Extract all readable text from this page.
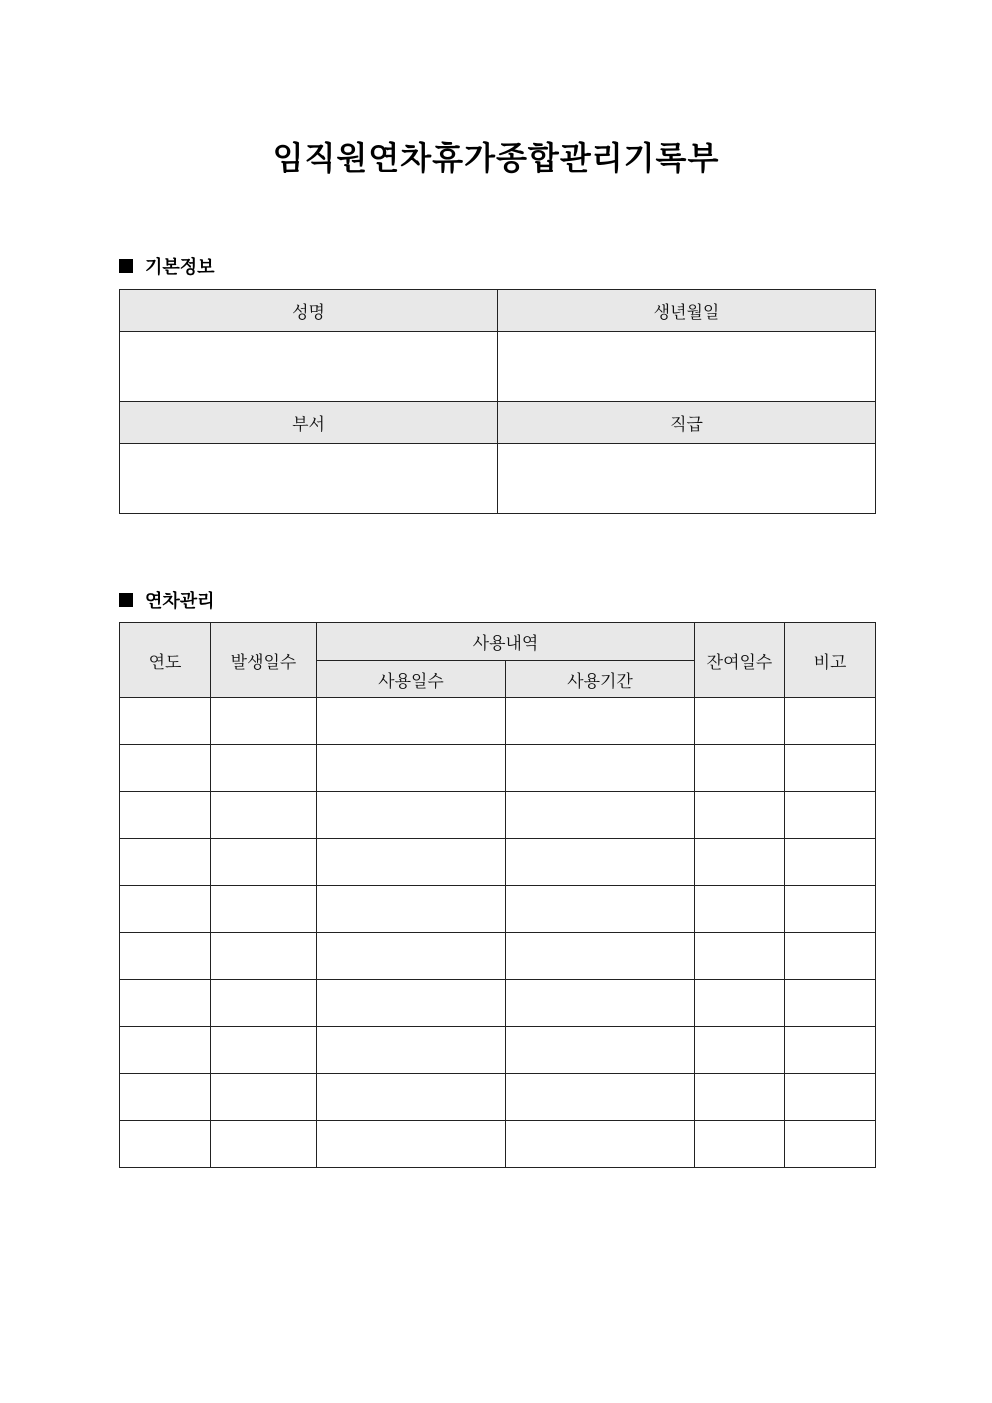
임직원연차휴가종합관리기록부
기본정보
성명	생년월일

부서	직급

연차관리
연도	발생일수	사용내역		잔여일수	비고
		사용일수	사용기간		
